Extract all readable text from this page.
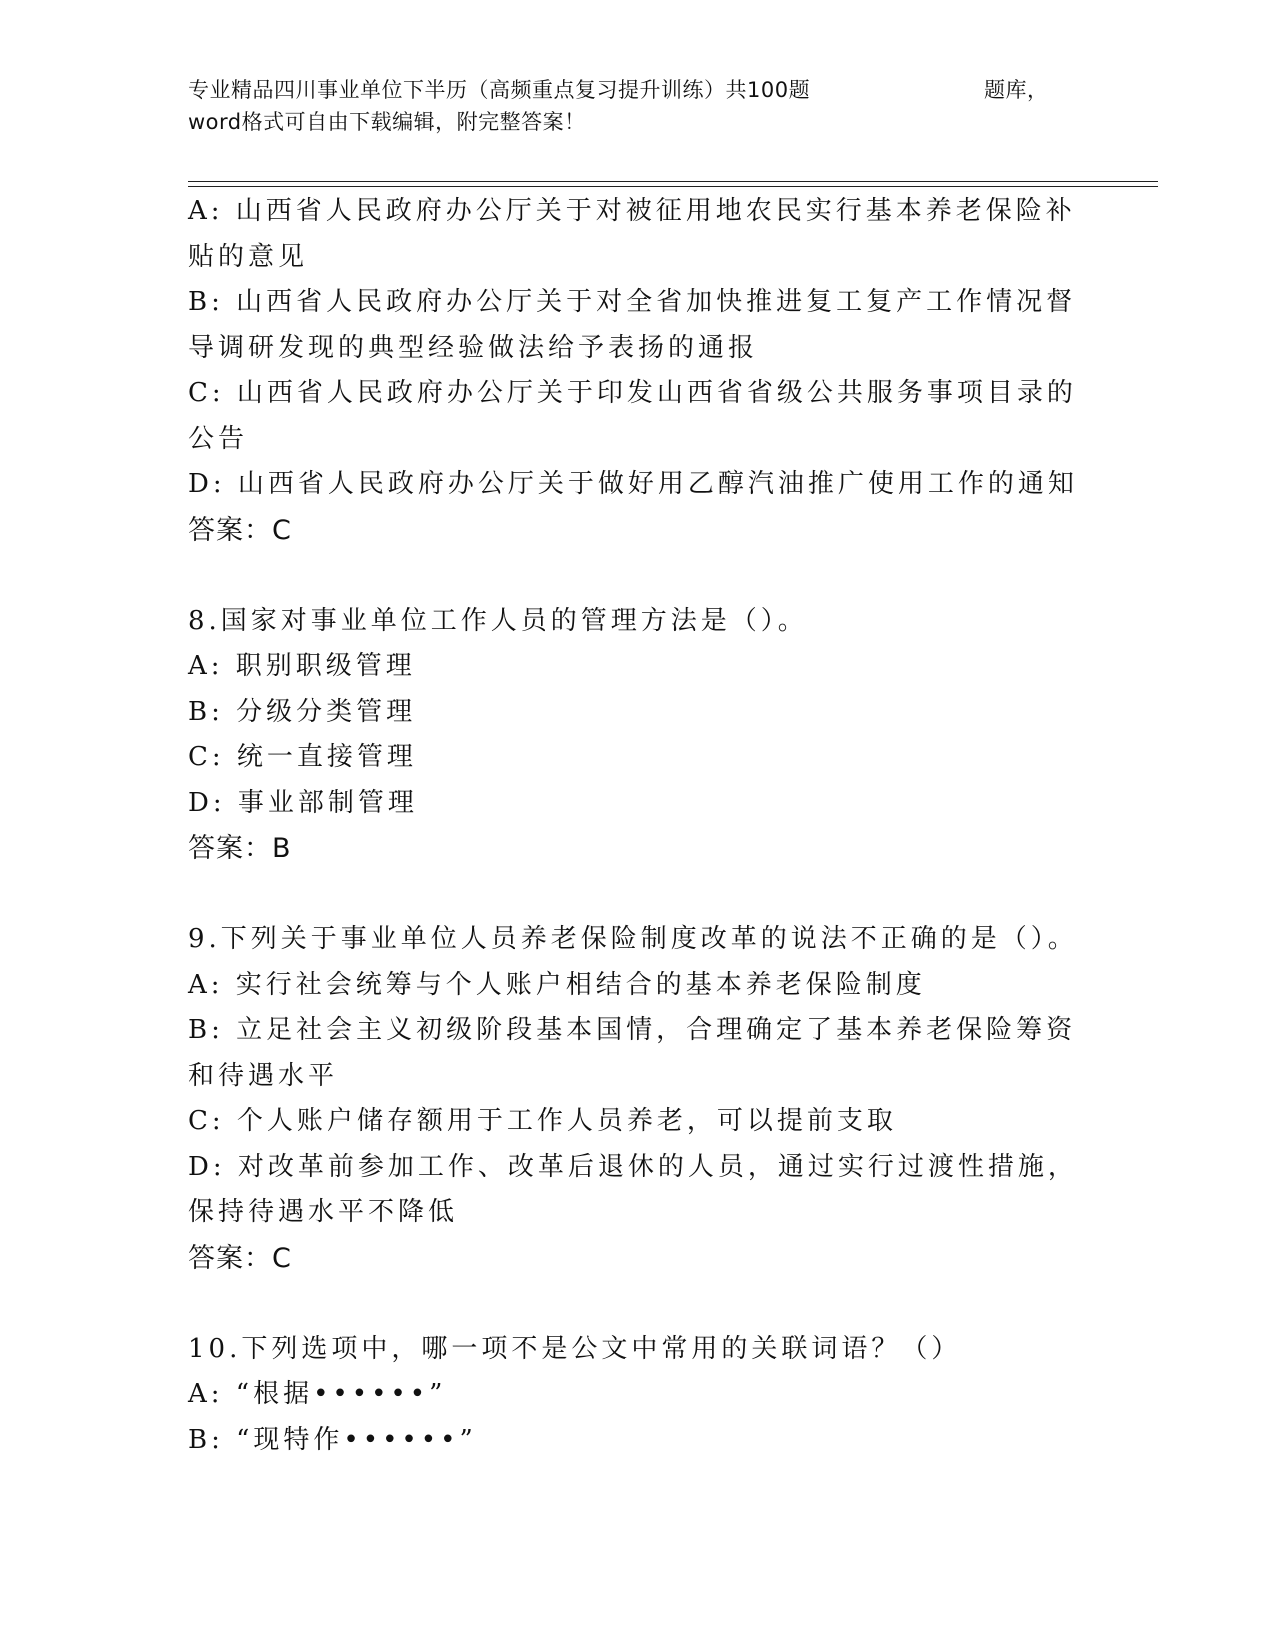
专业精品四川事业单位下半历（高频重点复习提升训练）共100题	题库，
word格式可自由下载编辑，附完整答案！

A: 山西省人民政府办公厅关于对被征用地农民实行基本养老保险补贴的意见

B: 山西省人民政府办公厅关于对全省加快推进复工复产工作情况督导调研发现的典型经验做法给予表扬的通报

C: 山西省人民政府办公厅关于印发山西省省级公共服务事项目录的公告

D: 山西省人民政府办公厅关于做好用乙醇汽油推广使用工作的通知

答案：C

8.国家对事业单位工作人员的管理方法是（）。

A: 职别职级管理

B: 分级分类管理

C: 统一直接管理

D: 事业部制管理

答案：B

9.下列关于事业单位人员养老保险制度改革的说法不正确的是（）。

A: 实行社会统筹与个人账户相结合的基本养老保险制度

B: 立足社会主义初级阶段基本国情，合理确定了基本养老保险筹资和待遇水平

C: 个人账户储存额用于工作人员养老，可以提前支取

D: 对改革前参加工作、改革后退休的人员，通过实行过渡性措施，保持待遇水平不降低

答案：C

10.下列选项中，哪一项不是公文中常用的关联词语？（）

A: “根据••••••”

B: “现特作••••••”
